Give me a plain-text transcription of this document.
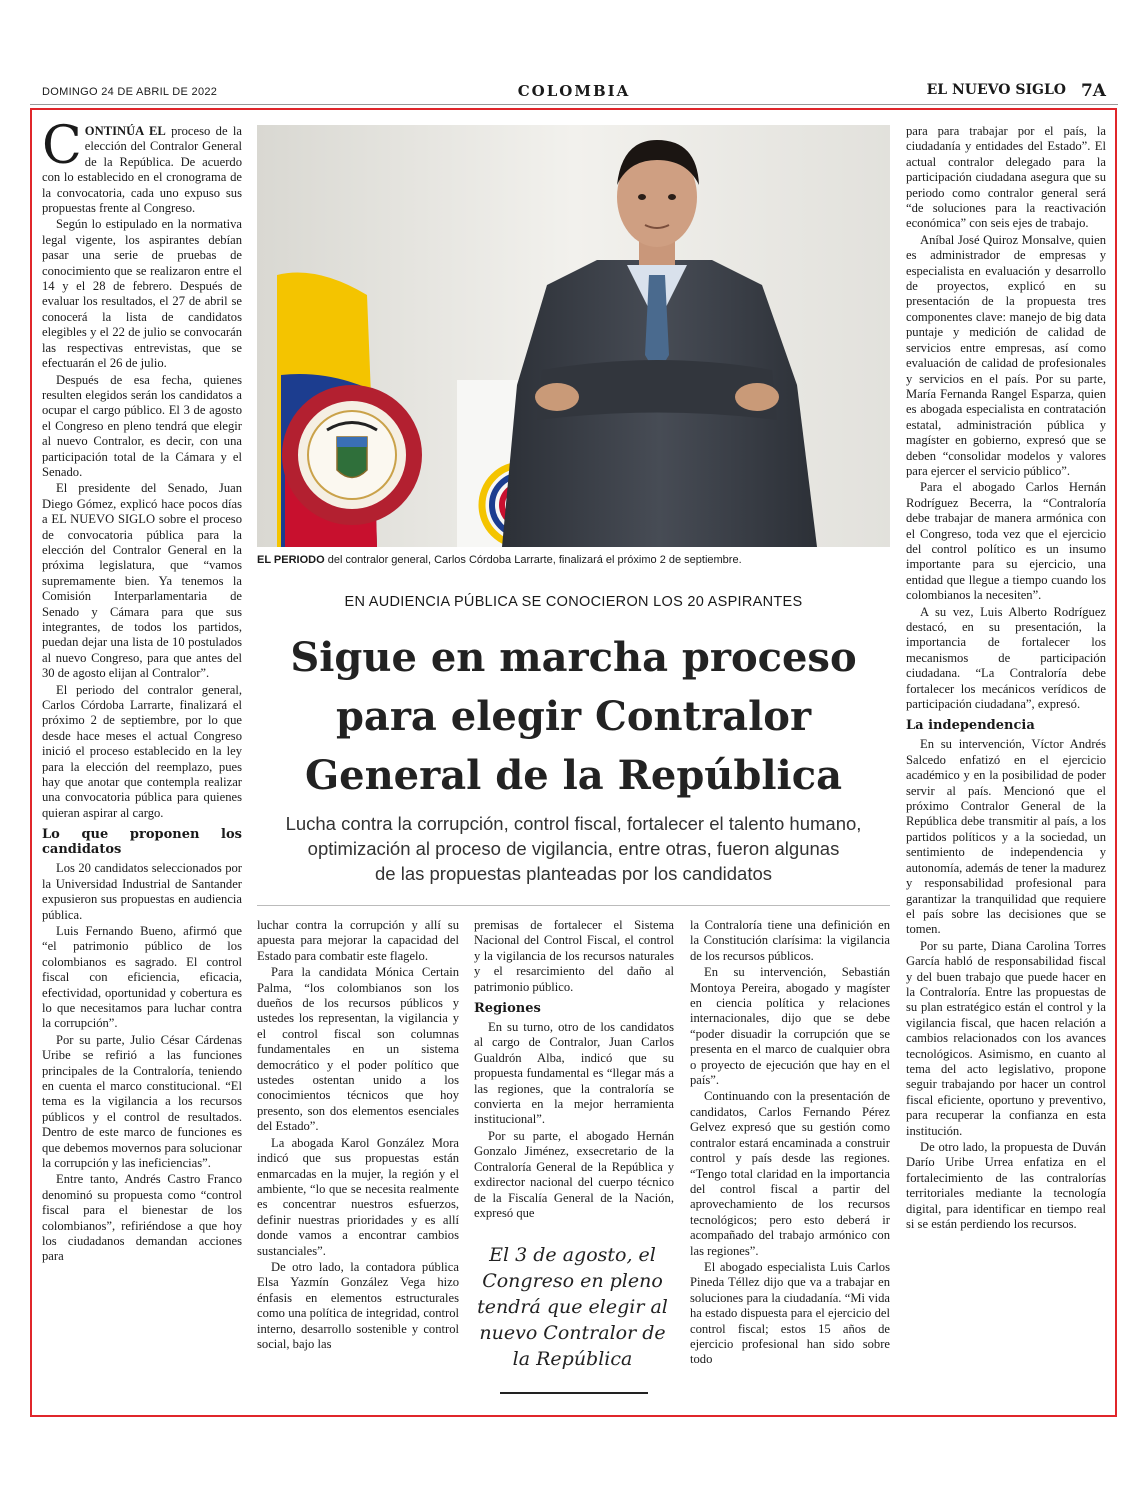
DOMINGO 24 DE ABRIL DE 2022	COLOMBIA	EL NUEVO SIGLO 7A

CONTINÚA EL proceso de la elección del Contralor General de la República. De acuerdo con lo establecido en el cronograma de la convocatoria, cada uno expuso sus propuestas frente al Congreso.

Según lo estipulado en la normativa legal vigente, los aspirantes debían pasar una serie de pruebas de conocimiento que se realizaron entre el 14 y el 28 de febrero. Después de evaluar los resultados, el 27 de abril se conocerá la lista de candidatos elegibles y el 22 de julio se convocarán las respectivas entrevistas, que se efectuarán el 26 de julio.

Después de esa fecha, quienes resulten elegidos serán los candidatos a ocupar el cargo público. El 3 de agosto el Congreso en pleno tendrá que elegir al nuevo Contralor, es decir, con una participación total de la Cámara y el Senado.

El presidente del Senado, Juan Diego Gómez, explicó hace pocos días a EL NUEVO SIGLO sobre el proceso de convocatoria pública para la elección del Contralor General en la próxima legislatura, que “vamos supremamente bien. Ya tenemos la Comisión Interparlamentaria de Senado y Cámara para que sus integrantes, de todos los partidos, puedan dejar una lista de 10 postulados al nuevo Congreso, para que antes del 30 de agosto elijan al Contralor”.

El periodo del contralor general, Carlos Córdoba Larrarte, finalizará el próximo 2 de septiembre, por lo que desde hace meses el actual Congreso inició el proceso establecido en la ley para la elección del reemplazo, pues hay que anotar que contempla realizar una convocatoria pública para quienes quieran aspirar al cargo.

Lo que proponen los candidatos

Los 20 candidatos seleccionados por la Universidad Industrial de Santander expusieron sus propuestas en audiencia pública.

Luis Fernando Bueno, afirmó que “el patrimonio público de los colombianos es sagrado. El control fiscal con eficiencia, eficacia, efectividad, oportunidad y cobertura es lo que necesitamos para luchar contra la corrupción”.

Por su parte, Julio César Cárdenas Uribe se refirió a las funciones principales de la Contraloría, teniendo en cuenta el marco constitucional. “El tema es la vigilancia a los recursos públicos y el control de resultados. Dentro de este marco de funciones es que debemos movernos para solucionar la corrupción y las ineficiencias”.

Entre tanto, Andrés Castro Franco denominó su propuesta como “control fiscal para el bienestar de los colombianos”, refiriéndose a que hoy los ciudadanos demandan acciones para

EL PERIODO del contralor general, Carlos Córdoba Larrarte, finalizará el próximo 2 de septiembre.
EN AUDIENCIA PÚBLICA SE CONOCIERON LOS 20 ASPIRANTES
Sigue en marcha proceso
para elegir Contralor
General de la República
Lucha contra la corrupción, control fiscal, fortalecer el talento humano,
optimización al proceso de vigilancia, entre otras, fueron algunas
de las propuestas planteadas por los candidatos

luchar contra la corrupción y allí su apuesta para mejorar la capacidad del Estado para combatir este flagelo.

Para la candidata Mónica Certain Palma, “los colombianos son los dueños de los recursos públicos y ustedes los representan, la vigilancia y el control fiscal son columnas fundamentales en un sistema democrático y el poder político que ustedes ostentan unido a los conocimientos técnicos que hoy presento, son dos elementos esenciales del Estado”.

La abogada Karol González Mora indicó que sus propuestas están enmarcadas en la mujer, la región y el ambiente, “lo que se necesita realmente es concentrar nuestros esfuerzos, definir nuestras prioridades y es allí donde vamos a encontrar cambios sustanciales”.

De otro lado, la contadora pública Elsa Yazmín González Vega hizo énfasis en elementos estructurales como una política de integridad, control interno, desarrollo sostenible y control social, bajo las

premisas de fortalecer el Sistema Nacional del Control Fiscal, el control y la vigilancia de los recursos naturales y el resarcimiento del daño al patrimonio público.

Regiones

En su turno, otro de los candidatos al cargo de Contralor, Juan Carlos Gualdrón Alba, indicó que su propuesta fundamental es “llegar más a las regiones, que la contraloría se convierta en la mejor herramienta institucional”.

Por su parte, el abogado Hernán Gonzalo Jiménez, exsecretario de la Contraloría General de la República y exdirector nacional del cuerpo técnico de la Fiscalía General de la Nación, expresó que

El 3 de agosto, el Congreso en pleno tendrá que elegir al nuevo Contralor de la República

la Contraloría tiene una definición en la Constitución clarísima: la vigilancia de los recursos públicos.

En su intervención, Sebastián Montoya Pereira, abogado y magíster en ciencia política y relaciones internacionales, dijo que se debe “poder disuadir la corrupción que se presenta en el marco de cualquier obra o proyecto de ejecución que hay en el país”.

Continuando con la presentación de candidatos, Carlos Fernando Pérez Gelvez expresó que su gestión como contralor estará encaminada a construir control y país desde las regiones. “Tengo total claridad en la importancia del control fiscal a partir del aprovechamiento de los recursos tecnológicos; pero esto deberá ir acompañado del trabajo armónico con las regiones”.

El abogado especialista Luis Carlos Pineda Téllez dijo que va a trabajar en soluciones para la ciudadanía. “Mi vida ha estado dispuesta para el ejercicio del control fiscal; estos 15 años de ejercicio profesional han sido sobre todo

para para trabajar por el país, la ciudadanía y entidades del Estado”. El actual contralor delegado para la participación ciudadana asegura que su periodo como contralor general será “de soluciones para la reactivación económica” con seis ejes de trabajo.

Aníbal José Quiroz Monsalve, quien es administrador de empresas y especialista en evaluación y desarrollo de proyectos, explicó en su presentación de la propuesta tres componentes clave: manejo de big data puntaje y medición de calidad de servicios entre empresas, así como evaluación de calidad de profesionales y servicios en el país. Por su parte, María Fernanda Rangel Esparza, quien es abogada especialista en contratación estatal, administración pública y magíster en gobierno, expresó que se deben “consolidar modelos y valores para ejercer el servicio público”.

Para el abogado Carlos Hernán Rodríguez Becerra, la “Contraloría debe trabajar de manera armónica con el Congreso, toda vez que el ejercicio del control político es un insumo importante para su ejercicio, una entidad que llegue a tiempo cuando los colombianos la necesiten”.

A su vez, Luis Alberto Rodríguez destacó, en su presentación, la importancia de fortalecer los mecanismos de participación ciudadana. “La Contraloría debe fortalecer los mecánicos verídicos de participación ciudadana”, expresó.

La independencia

En su intervención, Víctor Andrés Salcedo enfatizó en el ejercicio académico y en la posibilidad de poder servir al país. Mencionó que el próximo Contralor General de la República debe transmitir al país, a los partidos políticos y a la sociedad, un sentimiento de independencia y autonomía, además de tener la madurez y responsabilidad profesional para garantizar la tranquilidad que requiere el país sobre las decisiones que se tomen.

Por su parte, Diana Carolina Torres García habló de responsabilidad fiscal y del buen trabajo que puede hacer en la Contraloría. Entre las propuestas de su plan estratégico están el control y la vigilancia fiscal, que hacen relación a cambios relacionados con los avances tecnológicos. Asimismo, en cuanto al tema del acto legislativo, propone seguir trabajando por hacer un control fiscal eficiente, oportuno y preventivo, para recuperar la confianza en esta institución.

De otro lado, la propuesta de Duván Darío Uribe Urrea enfatiza en el fortalecimiento de las contralorías territoriales mediante la tecnología digital, para identificar en tiempo real si se están perdiendo los recursos.
